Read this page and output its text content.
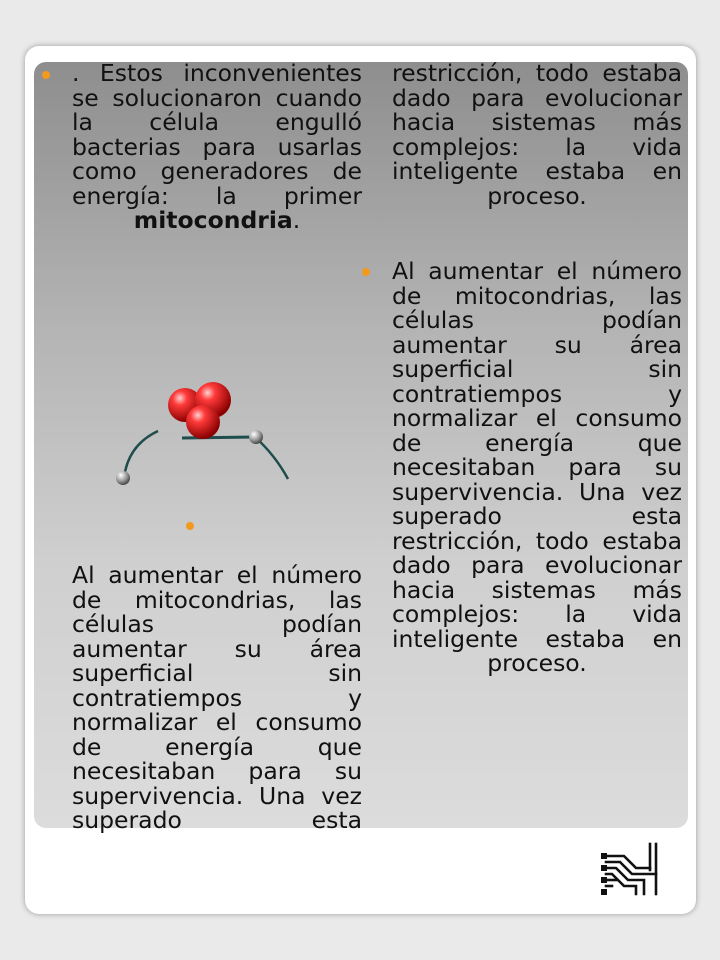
. Estos inconvenientes se solucionaron cuando la célula engulló bacterias para usarlas como generadores de energía: la primer mitocondria.

Al aumentar el número de mitocondrias, las células podían aumentar su área superficial sin contratiempos y normalizar el consumo de energía que necesitaban para su supervivencia. Una vez superado esta

restricción, todo estaba dado para evolucionar hacia sistemas más complejos: la vida inteligente estaba en proceso.

Al aumentar el número de mitocondrias, las células podían aumentar su área superficial sin contratiempos y normalizar el consumo de energía que necesitaban para su supervivencia. Una vez superado esta restricción, todo estaba dado para evolucionar hacia sistemas más complejos: la vida inteligente estaba en proceso.
